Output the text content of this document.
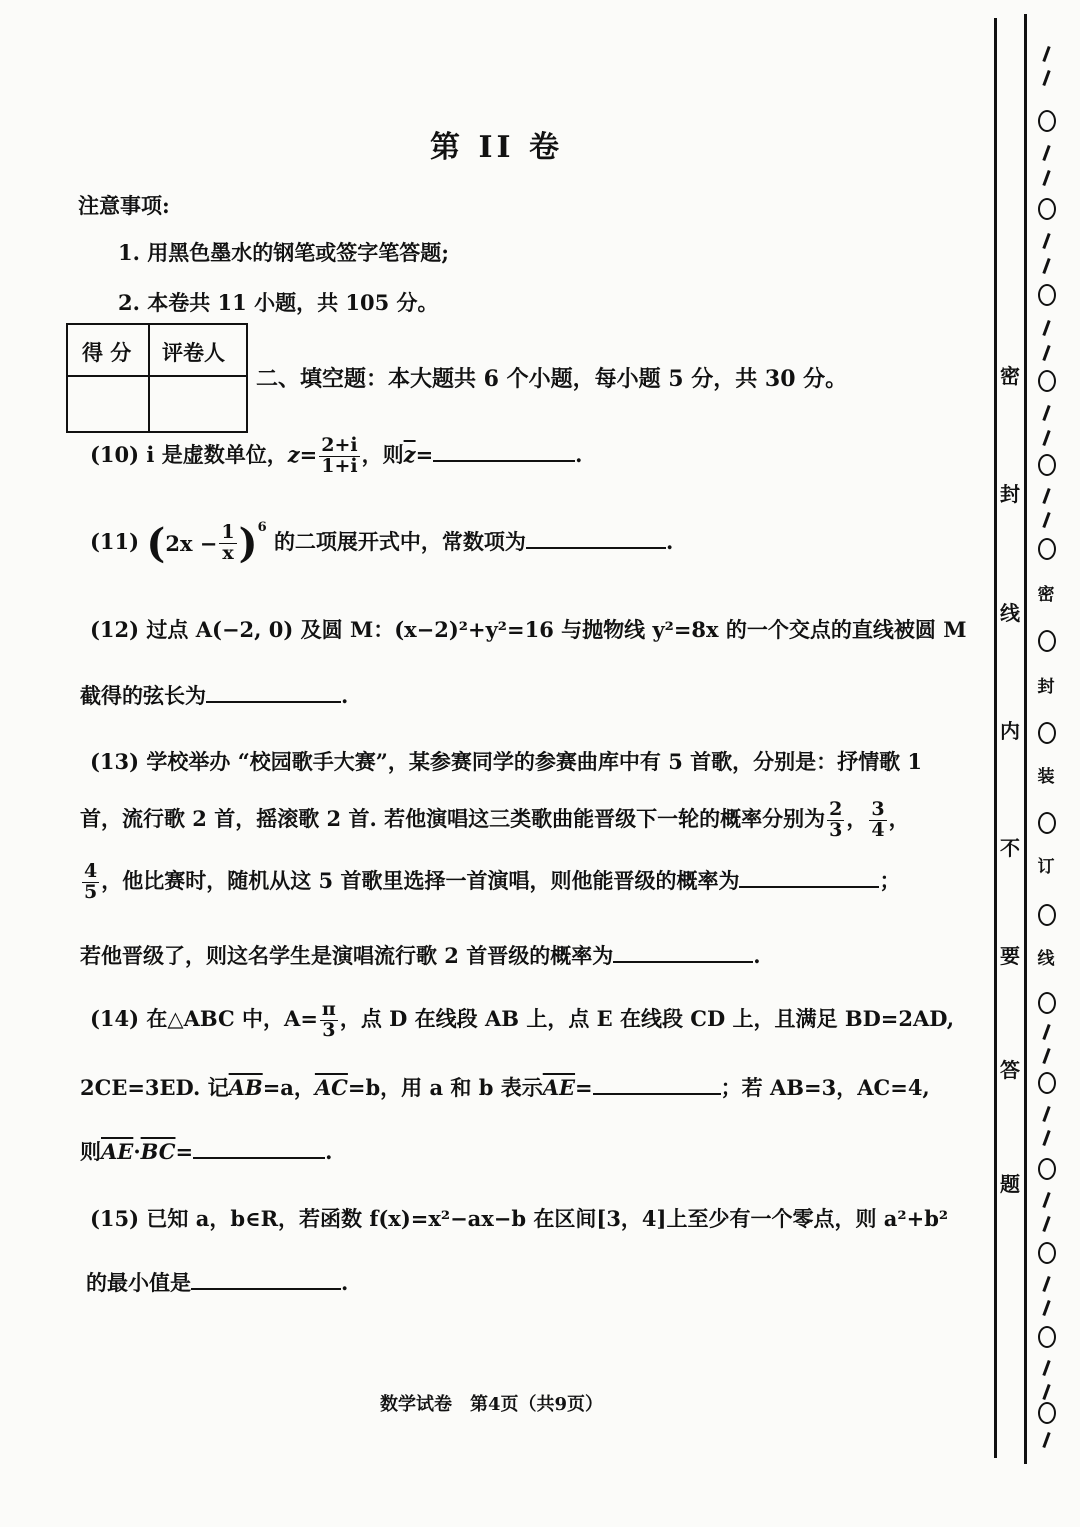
第 II 卷
注意事项:
1. 用黑色墨水的钢笔或签字笔答题;
2. 本卷共 11 小题，共 105 分。
得 分 评卷人
二、填空题：本大题共 6 个小题，每小题 5 分，共 30 分。
(10) i 是虚数单位，$z= \frac{2+i}{1+i}$ ，则$\overline{z}=$	.
(11) $(2x - \frac{1}{x} )^6$ 的二项展开式中，常数项为	.
(12) 过点 A(−2, 0) 及圆 M：(x−2)²+y²=16 与抛物线 y²=8x 的一个交点的直线被圆 M
截得的弦长为	.
(13) 学校举办 “校园歌手大赛”，某参赛同学的参赛曲库中有 5 首歌，分别是：抒情歌 1
首，流行歌 2 首，摇滚歌 2 首. 若他演唱这三类歌曲能晋级下一轮的概率分别为 $\frac{2}{3}$ ， $\frac{3}{4}$ ，
$\frac{4}{5}$ ，他比赛时，随机从这 5 首歌里选择一首演唱，则他能晋级的概率为	；
若他晋级了，则这名学生是演唱流行歌 2 首晋级的概率为	.
(14) 在△ABC 中，$A= \frac{\pi}{3}$ ，点 D 在线段 AB 上，点 E 在线段 CD 上，且满足 BD=2AD,
2CE=3ED. 记$\overline{AB}=a$，$\overline{AC}=b$，用 a 和 b 表示$\overline{AE}=$	；若 AB=3，AC=4,
则$\overline{AE}\cdot\overline{BC}=$	.
(15) 已知 a，b∈R，若函数 f(x)=x²−ax−b 在区间[3，4]上至少有一个零点，则 a²+b²
的最小值是	.
数学试卷　第4页（共9页）
密
封
线
内
不
要
答
题
密
封
装
订
线
